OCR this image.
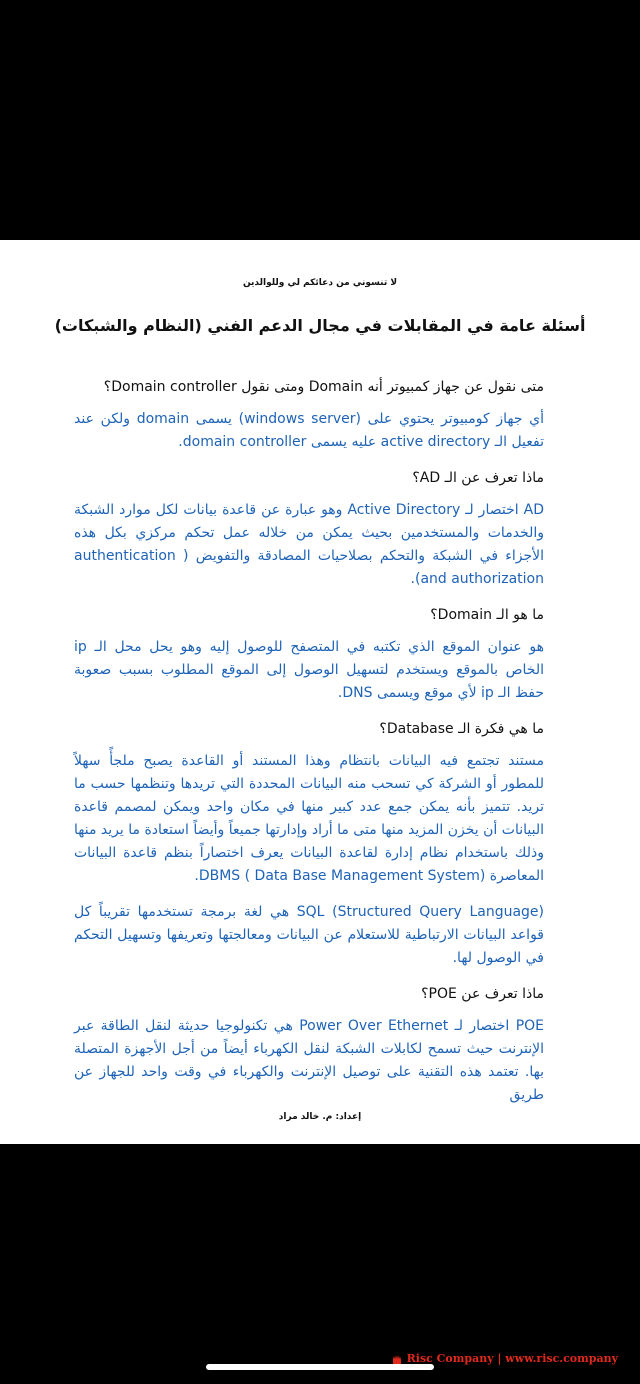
لا تنسوني من دعائكم لي وللوالدين
أسئلة عامة في المقابلات في مجال الدعم الفني (النظام والشبكات)

متى نقول عن جهاز كمبيوتر أنه Domain ومتى نقول Domain controller؟

أي جهاز كومبيوتر يحتوي على (windows server) يسمى domain ولكن عند تفعيل الـ active directory عليه يسمى domain controller.

ماذا تعرف عن الـ AD؟

AD اختصار لـ Active Directory وهو عبارة عن قاعدة بيانات لكل موارد الشبكة والخدمات والمستخدمين بحيث يمكن من خلاله عمل تحكم مركزي بكل هذه الأجزاء في الشبكة والتحكم بصلاحيات المصادقة والتفويض ( authentication and authorization).

ما هو الـ Domain؟

هو عنوان الموقع الذي تكتبه في المتصفح للوصول إليه وهو يحل محل الـ ip الخاص بالموقع ويستخدم لتسهيل الوصول إلى الموقع المطلوب بسبب صعوبة حفظ الـ ip لأي موقع ويسمى DNS.

ما هي فكرة الـ Database؟

مستند تجتمع فيه البيانات بانتظام وهذا المستند أو القاعدة يصبح ملجأً سهلاً للمطور أو الشركة كي تسحب منه البيانات المحددة التي تريدها وتنظمها حسب ما تريد. تتميز بأنه يمكن جمع عدد كبير منها في مكان واحد ويمكن لمصمم قاعدة البيانات أن يخزن المزيد منها متى ما أراد وإدارتها جميعاً وأيضاً استعادة ما يريد منها وذلك باستخدام نظام إدارة لقاعدة البيانات يعرف اختصاراً بنظم قاعدة البيانات المعاصرة DBMS ( Data Base Management System).

SQL (Structured Query Language) هي لغة برمجة تستخدمها تقريباً كل قواعد البيانات الارتباطية للاستعلام عن البيانات ومعالجتها وتعريفها وتسهيل التحكم في الوصول لها.

ماذا تعرف عن POE؟

POE اختصار لـ Power Over Ethernet هي تكنولوجيا حديثة لنقل الطاقة عبر الإنترنت حيث تسمح لكابلات الشبكة لنقل الكهرباء أيضاً من أجل الأجهزة المتصلة بها. تعتمد هذه التقنية على توصيل الإنترنت والكهرباء في وقت واحد للجهاز عن طريق

إعداد: م. خالد مراد
Risc Company | www.risc.company
